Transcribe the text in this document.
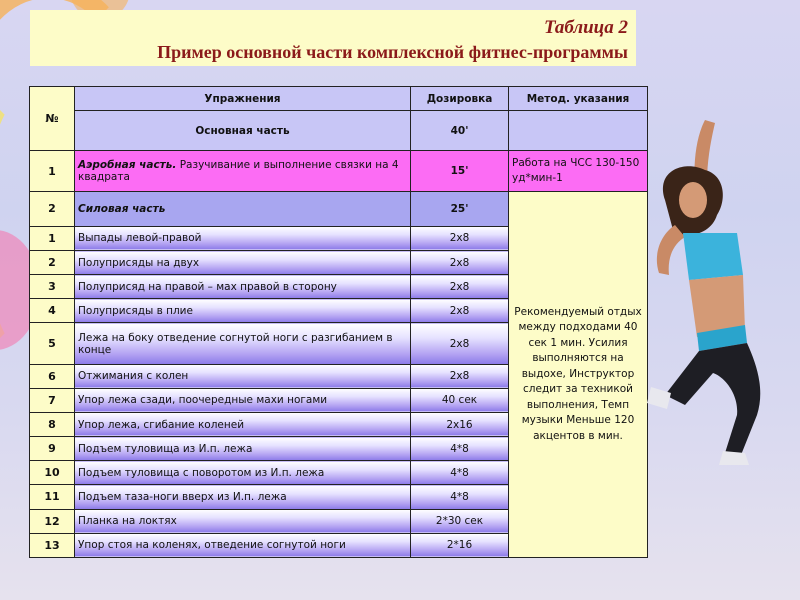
Таблица 2
Пример основной части комплексной фитнес-программы
№	Упражнения	Дозировка	Метод. указания
	Основная часть	40'	
1	Аэробная часть. Разучивание и выполнение связки на 4 квадрата	15'	Работа на ЧСС 130-150 уд*мин-1
2	Силовая часть	25'	Рекомендуемый отдых между подходами 40 сек 1 мин. Усилия выполняются на выдохе, Инструктор следит за техникой выполнения, Темп музыки Меньше 120 акцентов в мин.
1	Выпады левой-правой	2х8	
2	Полуприсяды на двух	2х8	
3	Полуприсяд на правой – мах правой в сторону	2х8	
4	Полуприсяды в плие	2х8	
5	Лежа на боку отведение согнутой ноги с разгибанием в конце	2х8	
6	Отжимания с колен	2х8	
7	Упор лежа сзади, поочередные махи ногами	40 сек	
8	Упор лежа, сгибание коленей	2х16	
9	Подъем туловища из И.п. лежа	4*8	
10	Подъем туловища с поворотом из И.п. лежа	4*8	
11	Подъем таза-ноги вверх из И.п. лежа	4*8	
12	Планка на локтях	2*30 сек	
13	Упор стоя на коленях, отведение согнутой ноги	2*16	
